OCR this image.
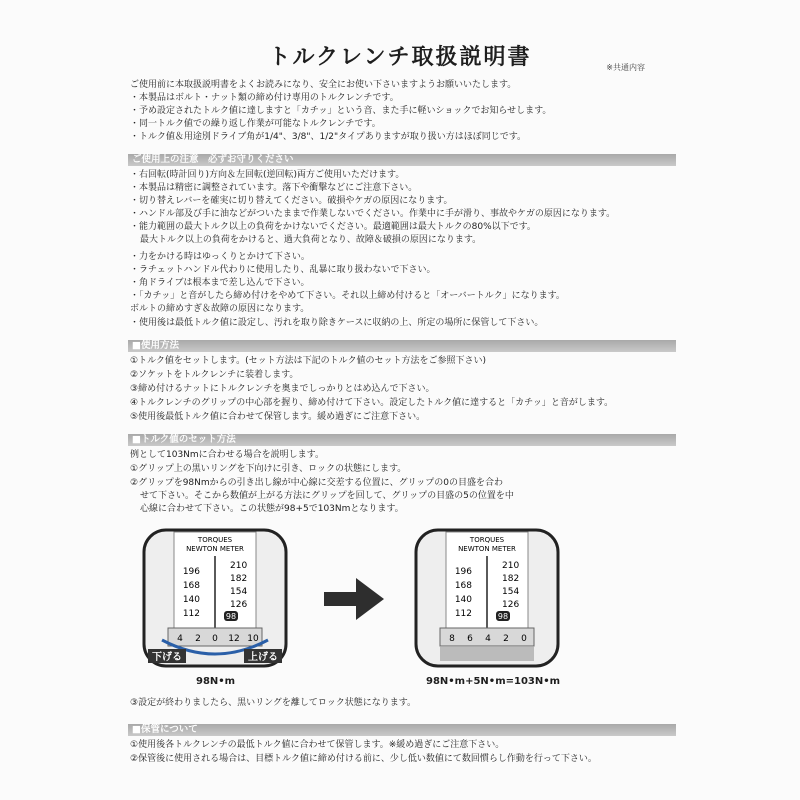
トルクレンチ取扱説明書	※共通内容
ご使用前に本取扱説明書をよくお読みになり、安全にお使い下さいますようお願いいたします。
・本製品はボルト・ナット類の締め付け専用のトルクレンチです。
・予め設定されたトルク値に達しますと「カチッ」という音、また手に軽いショックでお知らせします。
・同一トルク値での繰り返し作業が可能なトルクレンチです。
・トルク値＆用途別ドライブ角が1/4"、3/8"、1/2"タイプありますが取り扱い方はほぼ同じです。
ご使用上の注意　必ずお守りください
・右回転(時計回り)方向＆左回転(逆回転)両方ご使用いただけます。
・本製品は精密に調整されています。落下や衝撃などにご注意下さい。
・切り替えレバーを確実に切り替えてください。破損やケガの原因になります。
・ハンドル部及び手に油などがついたままで作業しないでください。作業中に手が滑り、事故やケガの原因になります。
・能力範囲の最大トルク以上の負荷をかけないでください。最適範囲は最大トルクの80%以下です。
最大トルク以上の負荷をかけると、過大負荷となり、故障＆破損の原因になります。
・力をかける時はゆっくりとかけて下さい。
・ラチェットハンドル代わりに使用したり、乱暴に取り扱わないで下さい。
・角ドライブは根本まで差し込んで下さい。
・「カチッ」と音がしたら締め付けをやめて下さい。それ以上締め付けると「オーバートルク」になります。
ボルトの締めすぎ＆故障の原因になります。
・使用後は最低トルク値に設定し、汚れを取り除きケースに収納の上、所定の場所に保管して下さい。
■使用方法
①トルク値をセットします。(セット方法は下記のトルク値のセット方法をご参照下さい)
②ソケットをトルクレンチに装着します。
③締め付けるナットにトルクレンチを奥までしっかりとはめ込んで下さい。
④トルクレンチのグリップの中心部を握り、締め付けて下さい。設定したトルク値に達すると「カチッ」と音がします。
⑤使用後最低トルク値に合わせて保管します。緩め過ぎにご注意下さい。
■トルク値のセット方法
例として103Nmに合わせる場合を説明します。
①グリップ上の黒いリングを下向けに引き、ロックの状態にします。
②グリップを98Nmからの引き出し線が中心線に交差する位置に、グリップの0の目盛を合わ
せて下さい。そこから数値が上がる方法にグリップを回して、グリップの目盛の5の位置を中
心線に合わせて下さい。この状態が98+5で103Nmとなります。
TORQUES
NEWTON METER
196
168
140
112
210
182
154
126
98
4 2 0 12 10
下げる	上げる
98N•m
TORQUES
NEWTON METER
196
168
140
112
210
182
154
126
98
8 6 4 2 0
98N•m+5N•m=103N•m
③設定が終わりましたら、黒いリングを離してロック状態になります。
■保管について
①使用後各トルクレンチの最低トルク値に合わせて保管します。※緩め過ぎにご注意下さい。
②保管後に使用される場合は、目標トルク値に締め付ける前に、少し低い数値にて数回慣らし作動を行って下さい。
